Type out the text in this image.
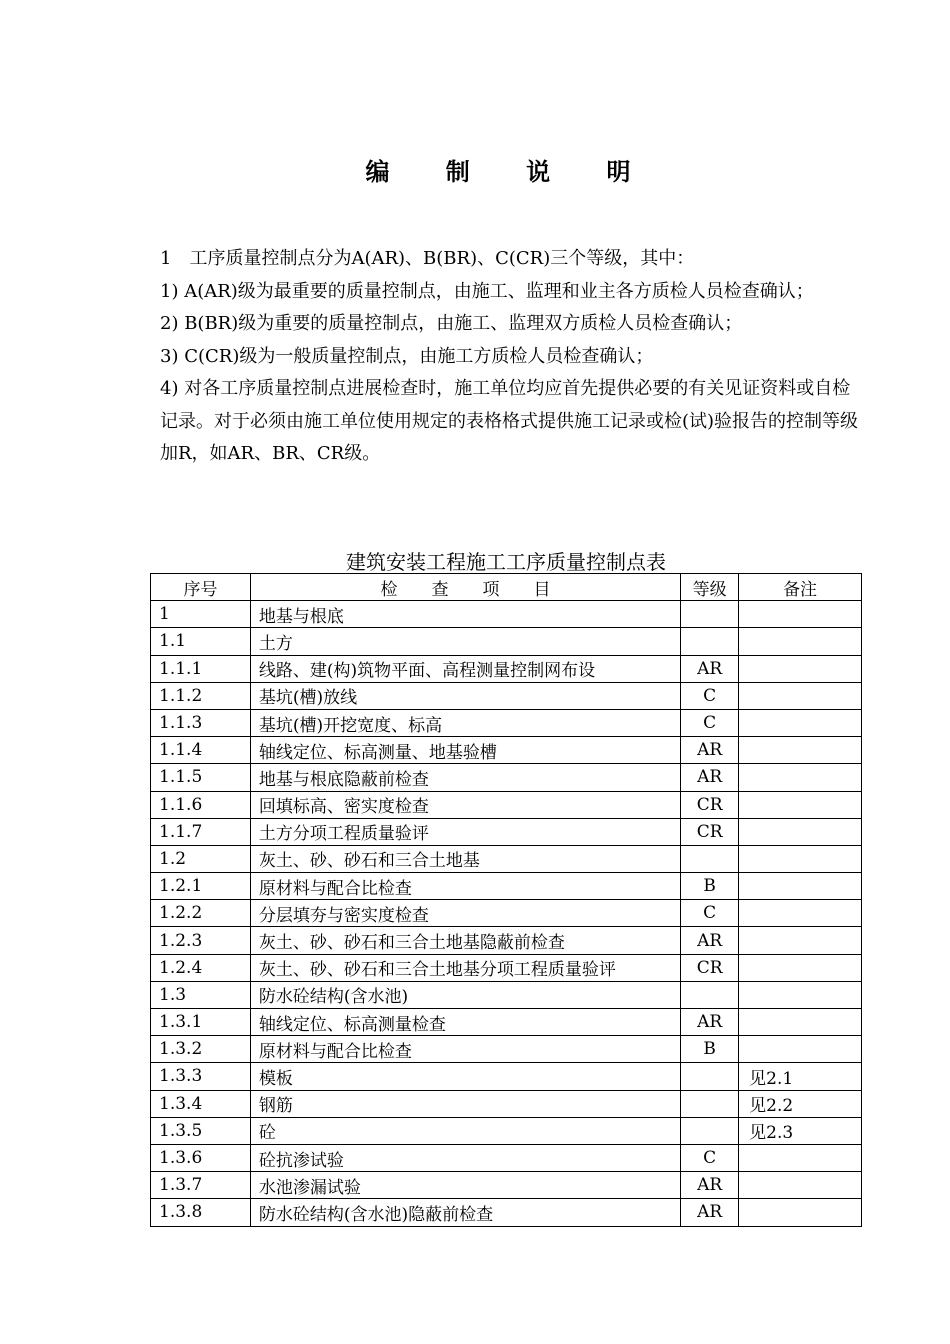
编 制 说 明

1　工序质量控制点分为A(AR)、B(BR)、C(CR)三个等级，其中：

1) A(AR)级为最重要的质量控制点，由施工、监理和业主各方质检人员检查确认；

2) B(BR)级为重要的质量控制点，由施工、监理双方质检人员检查确认；

3) C(CR)级为一般质量控制点，由施工方质检人员检查确认；

4) 对各工序质量控制点进展检查时，施工单位均应首先提供必要的有关见证资料或自检记录。对于必须由施工单位使用规定的表格格式提供施工记录或检(试)验报告的控制等级加R，如AR、BR、CR级。

建筑安装工程施工工序质量控制点表
序号	检　　查　　项　　目	等级	备注
1	地基与根底		
1.1	土方		
1.1.1	线路、建(构)筑物平面、高程测量控制网布设	AR	
1.1.2	基坑(槽)放线	C	
1.1.3	基坑(槽)开挖宽度、标高	C	
1.1.4	轴线定位、标高测量、地基验槽	AR	
1.1.5	地基与根底隐蔽前检查	AR	
1.1.6	回填标高、密实度检查	CR	
1.1.7	土方分项工程质量验评	CR	
1.2	灰土、砂、砂石和三合土地基		
1.2.1	原材料与配合比检查	B	
1.2.2	分层填夯与密实度检查	C	
1.2.3	灰土、砂、砂石和三合土地基隐蔽前检查	AR	
1.2.4	灰土、砂、砂石和三合土地基分项工程质量验评	CR	
1.3	防水砼结构(含水池)		
1.3.1	轴线定位、标高测量检查	AR	
1.3.2	原材料与配合比检查	B	
1.3.3	模板		见2.1
1.3.4	钢筋		见2.2
1.3.5	砼		见2.3
1.3.6	砼抗渗试验	C	
1.3.7	水池渗漏试验	AR	
1.3.8	防水砼结构(含水池)隐蔽前检查	AR	
